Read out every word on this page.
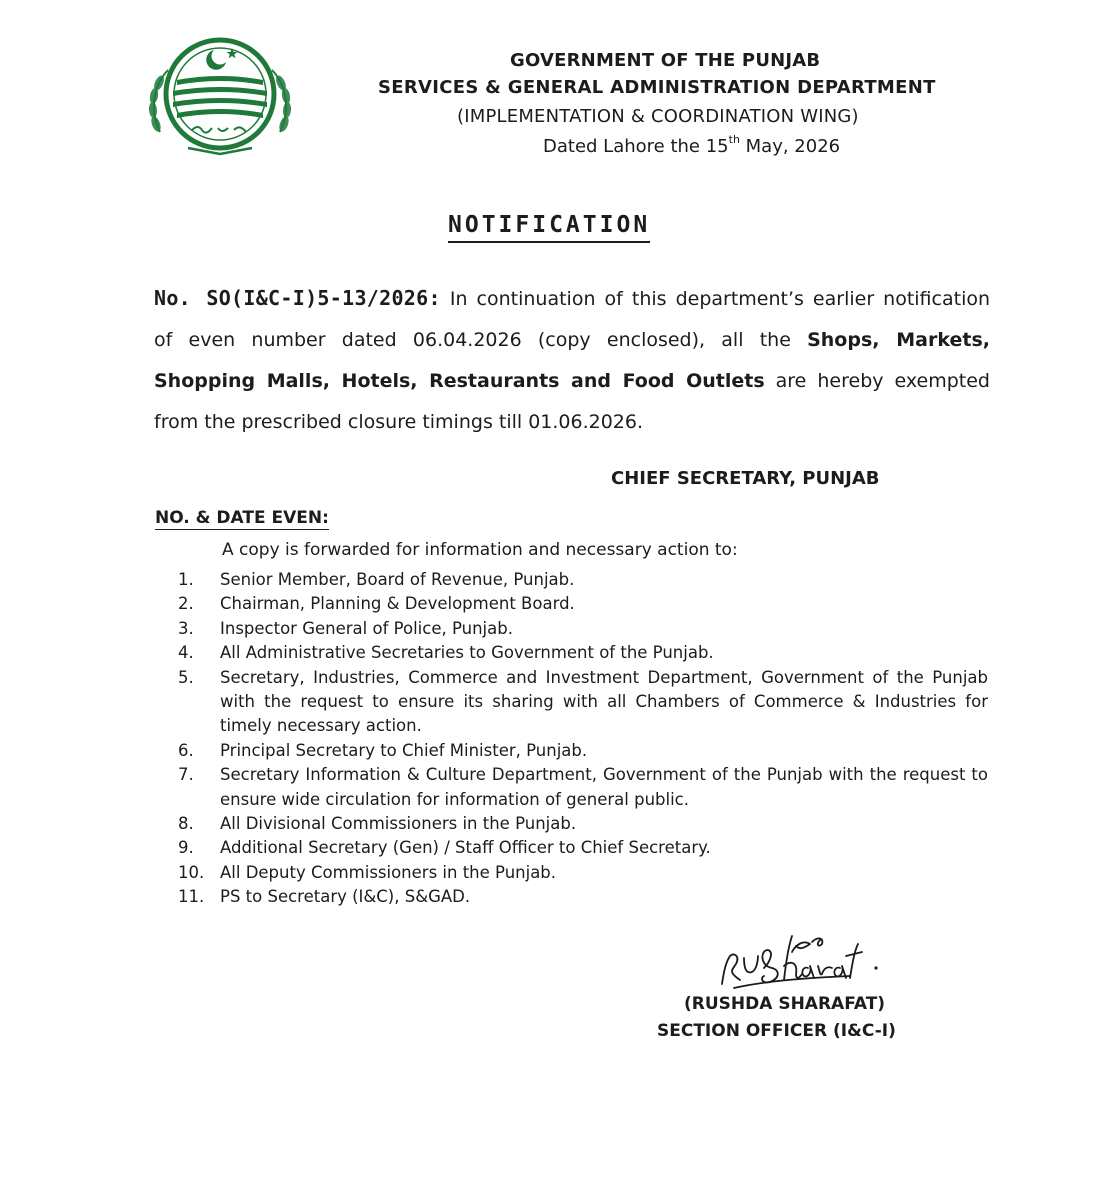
GOVERNMENT OF THE PUNJAB
SERVICES & GENERAL ADMINISTRATION DEPARTMENT
(IMPLEMENTATION & COORDINATION WING)
Dated Lahore the 15th May, 2026
NOTIFICATION
No. SO(I&C-I)5-13/2026: In continuation of this department’s earlier notification of even number dated 06.04.2026 (copy enclosed), all the Shops, Markets, Shopping Malls, Hotels, Restaurants and Food Outlets are hereby exempted from the prescribed closure timings till 01.06.2026.
CHIEF SECRETARY, PUNJAB
NO. & DATE EVEN:
A copy is forwarded for information and necessary action to:
1.	Senior Member, Board of Revenue, Punjab.
2.	Chairman, Planning & Development Board.
3.	Inspector General of Police, Punjab.
4.	All Administrative Secretaries to Government of the Punjab.
5.	Secretary, Industries, Commerce and Investment Department, Government of the Punjab with the request to ensure its sharing with all Chambers of Commerce & Industries for timely necessary action.
6.	Principal Secretary to Chief Minister, Punjab.
7.	Secretary Information & Culture Department, Government of the Punjab with the request to ensure wide circulation for information of general public.
8.	All Divisional Commissioners in the Punjab.
9.	Additional Secretary (Gen) / Staff Officer to Chief Secretary.
10. All Deputy Commissioners in the Punjab.
11. PS to Secretary (I&C), S&GAD.
(RUSHDA SHARAFAT)
SECTION OFFICER (I&C-I)
